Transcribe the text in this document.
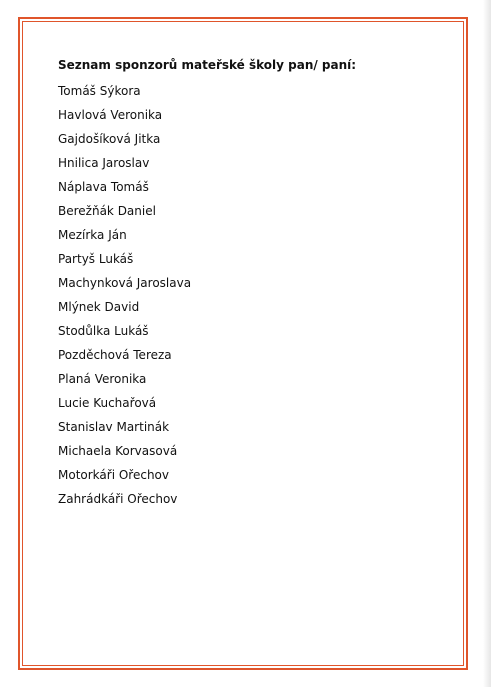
Seznam sponzorů mateřské školy pan/ paní:

Tomáš Sýkora
Havlová Veronika
Gajdošíková Jitka
Hnilica Jaroslav
Náplava Tomáš
Berežňák Daniel
Mezírka Ján
Partyš Lukáš
Machynková Jaroslava
Mlýnek David
Stodůlka Lukáš
Pozděchová Tereza
Planá Veronika
Lucie Kuchařová
Stanislav Martinák
Michaela Korvasová
Motorkáři Ořechov
Zahrádkáři Ořechov
